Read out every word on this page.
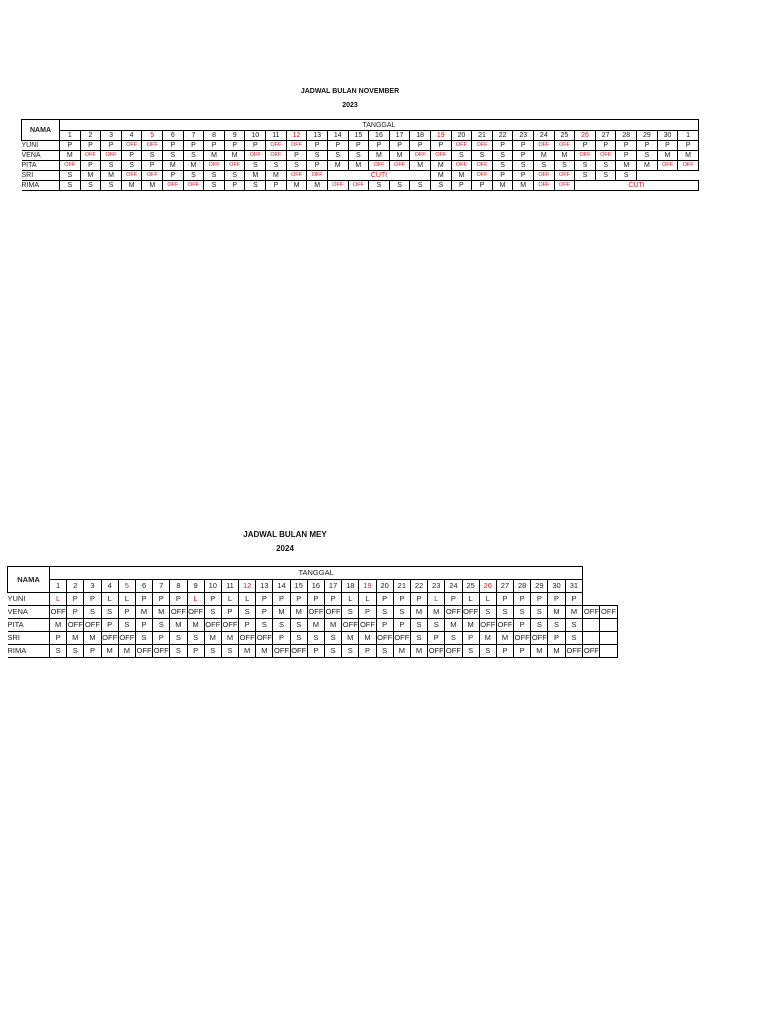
JADWAL BULAN NOVEMBER
2023
NAMA	TANGGAL																														
	1	2	3	4	5	6	7	8	9	10	11	12	13	14	15	16	17	18	19	20	21	22	23	24	25	26	27	28	29	30	1
YUNI	P	P	P	OFF	OFF	P	P	P	P	P	OFF	OFF	P	P	P	P	P	P	P	OFF	OFF	P	P	OFF	OFF	P	P	P	P	P	P
VENA	M	OFF	OFF	P	S	S	S	M	M	OFF	OFF	P	S	S	S	M	M	OFF	OFF	S	S	S	P	M	M	OFF	OFF	P	S	M	M
PITA	OFF	P	S	S	P	M	M	OFF	OFF	S	S	S	P	M	M	OFF	OFF	M	M	OFF	OFF	S	S	S	S	S	S	M	M	OFF	OFF
SRI	S	M	M	OFF	OFF	P	S	S	S	M	M	OFF	OFF	CUTI					M	M	OFF	P	P	OFF	OFF	S	S	S			
RIMA	S	S	S	M	M	OFF	OFF	S	P	S	P	M	M	OFF	OFF	S	S	S	S	P	P	M	M	OFF	OFF	CUTI					
JADWAL BULAN MEY
2024
NAMA	TANGGAL																																
	1	2	3	4	5	6	7	8	9	10	11	12	13	14	15	16	17	18	19	20	21	22	23	24	25	26	27	28	29	30	31		
YUNI	L	P	P	L	L	P	P	P	L	P	L	L	P	P	P	P	P	L	L	P	P	P	L	P	L	L	P	P	P	P	P		
VENA	OFF	P	S	S	P	M	M	OFF	OFF	S	P	S	P	M	M	OFF	OFF	S	P	S	S	M	M	OFF	OFF	S	S	S	S	M	M	OFF	OFF
PITA	M	OFF	OFF	P	S	P	S	M	M	OFF	OFF	P	S	S	S	M	M	OFF	OFF	P	P	S	S	M	M	OFF	OFF	P	S	S	S		
SRI	P	M	M	OFF	OFF	S	P	S	S	M	M	OFF	OFF	P	S	S	S	M	M	OFF	OFF	S	P	S	P	M	M	OFF	OFF	P	S		
RIMA	S	S	P	M	M	OFF	OFF	S	P	S	S	M	M	OFF	OFF	P	S	S	P	S	M	M	OFF	OFF	S	S	P	P	M	M	OFF	OFF	
